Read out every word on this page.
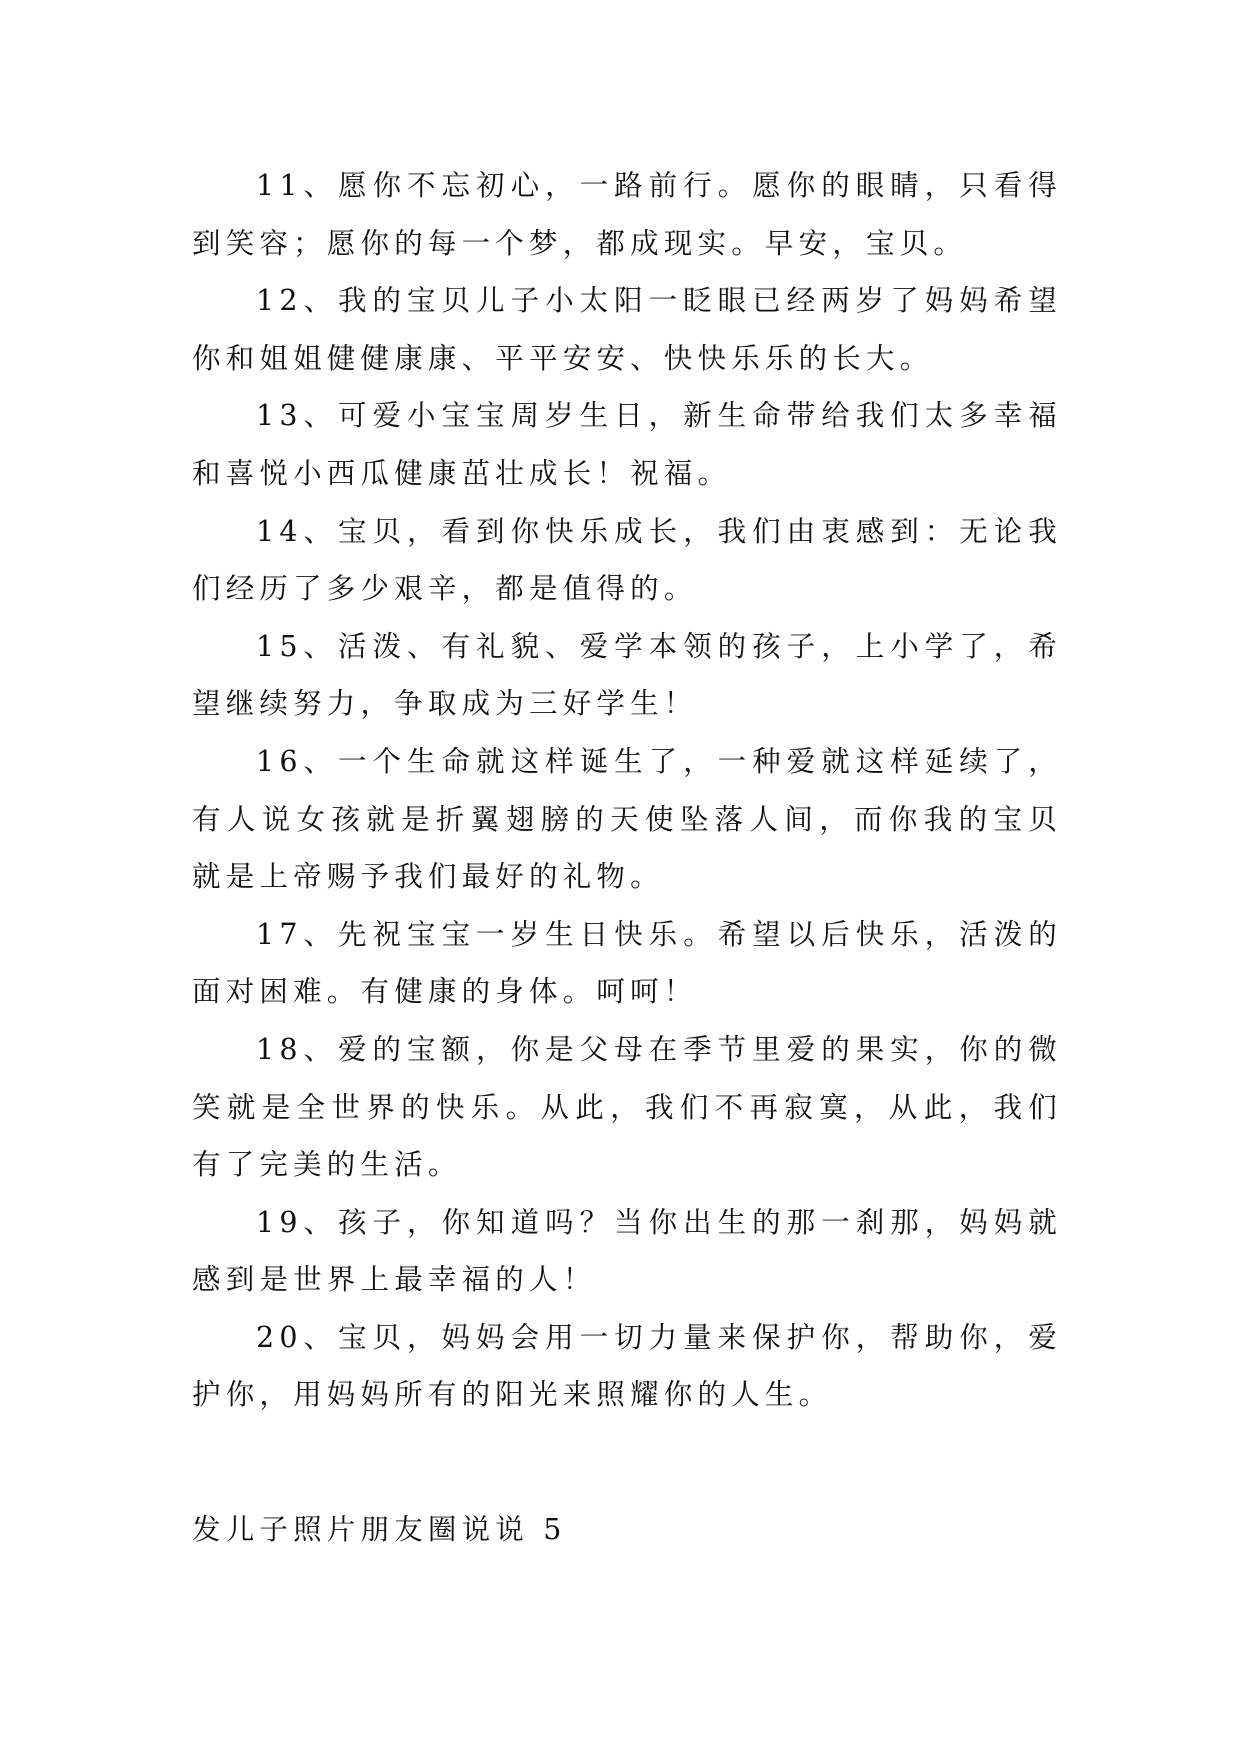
11、愿你不忘初心，一路前行。愿你的眼睛，只看得到笑容；愿你的每一个梦，都成现实。早安，宝贝。

12、我的宝贝儿子小太阳一眨眼已经两岁了妈妈希望你和姐姐健健康康、平平安安、快快乐乐的长大。

13、可爱小宝宝周岁生日，新生命带给我们太多幸福和喜悦小西瓜健康茁壮成长！祝福。

14、宝贝，看到你快乐成长，我们由衷感到：无论我们经历了多少艰辛，都是值得的。

15、活泼、有礼貌、爱学本领的孩子，上小学了，希望继续努力，争取成为三好学生！

16、一个生命就这样诞生了，一种爱就这样延续了，有人说女孩就是折翼翅膀的天使坠落人间，而你我的宝贝就是上帝赐予我们最好的礼物。

17、先祝宝宝一岁生日快乐。希望以后快乐，活泼的面对困难。有健康的身体。呵呵！

18、爱的宝额，你是父母在季节里爱的果实，你的微笑就是全世界的快乐。从此，我们不再寂寞，从此，我们有了完美的生活。

19、孩子，你知道吗？当你出生的那一刹那，妈妈就感到是世界上最幸福的人！

20、宝贝，妈妈会用一切力量来保护你，帮助你，爱护你，用妈妈所有的阳光来照耀你的人生。

发儿子照片朋友圈说说 5
